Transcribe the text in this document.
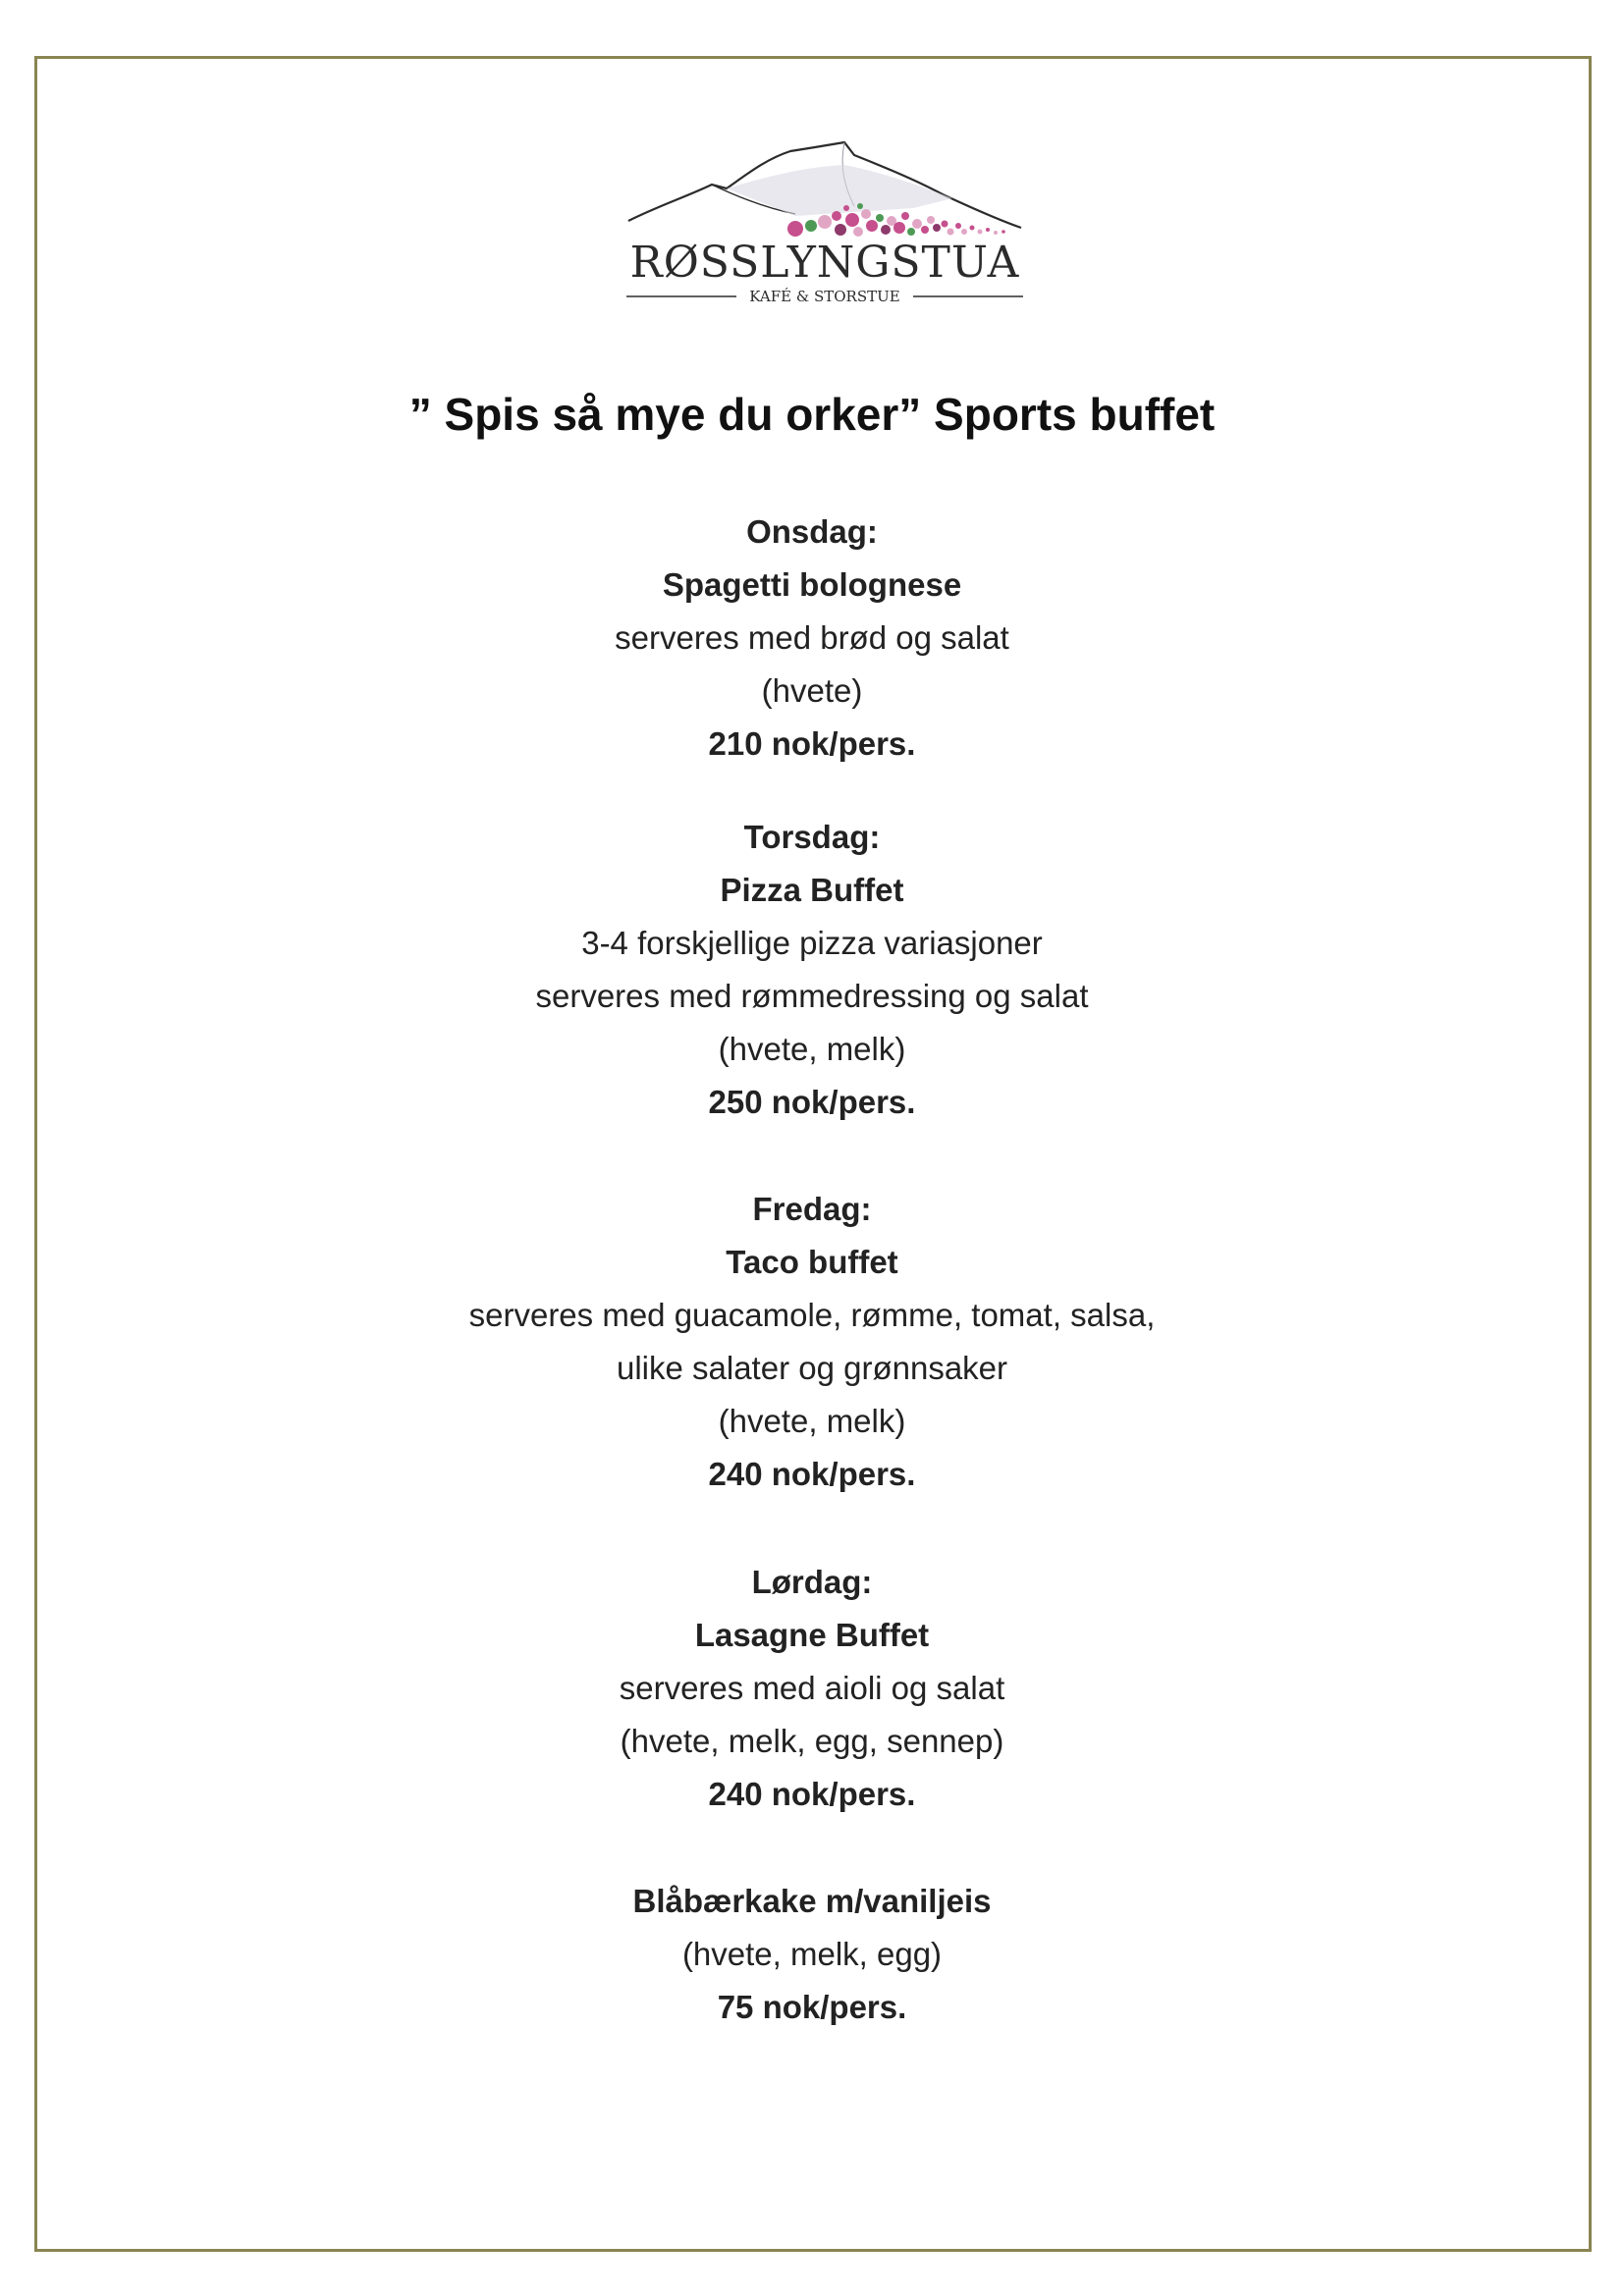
RØSSLYNGSTUA
KAFÉ & STORSTUE
” Spis så mye du orker” Sports buffet
Onsdag:
Spagetti bolognese
serveres med brød og salat
(hvete)
210 nok/pers.
Torsdag:
Pizza Buffet
3-4 forskjellige pizza variasjoner
serveres med rømmedressing og salat
(hvete, melk)
250 nok/pers.
Fredag:
Taco buffet
serveres med guacamole, rømme, tomat, salsa,
ulike salater og grønnsaker
(hvete, melk)
240 nok/pers.
Lørdag:
Lasagne Buffet
serveres med aioli og salat
(hvete, melk, egg, sennep)
240 nok/pers.
Blåbærkake m/vaniljeis
(hvete, melk, egg)
75 nok/pers.
